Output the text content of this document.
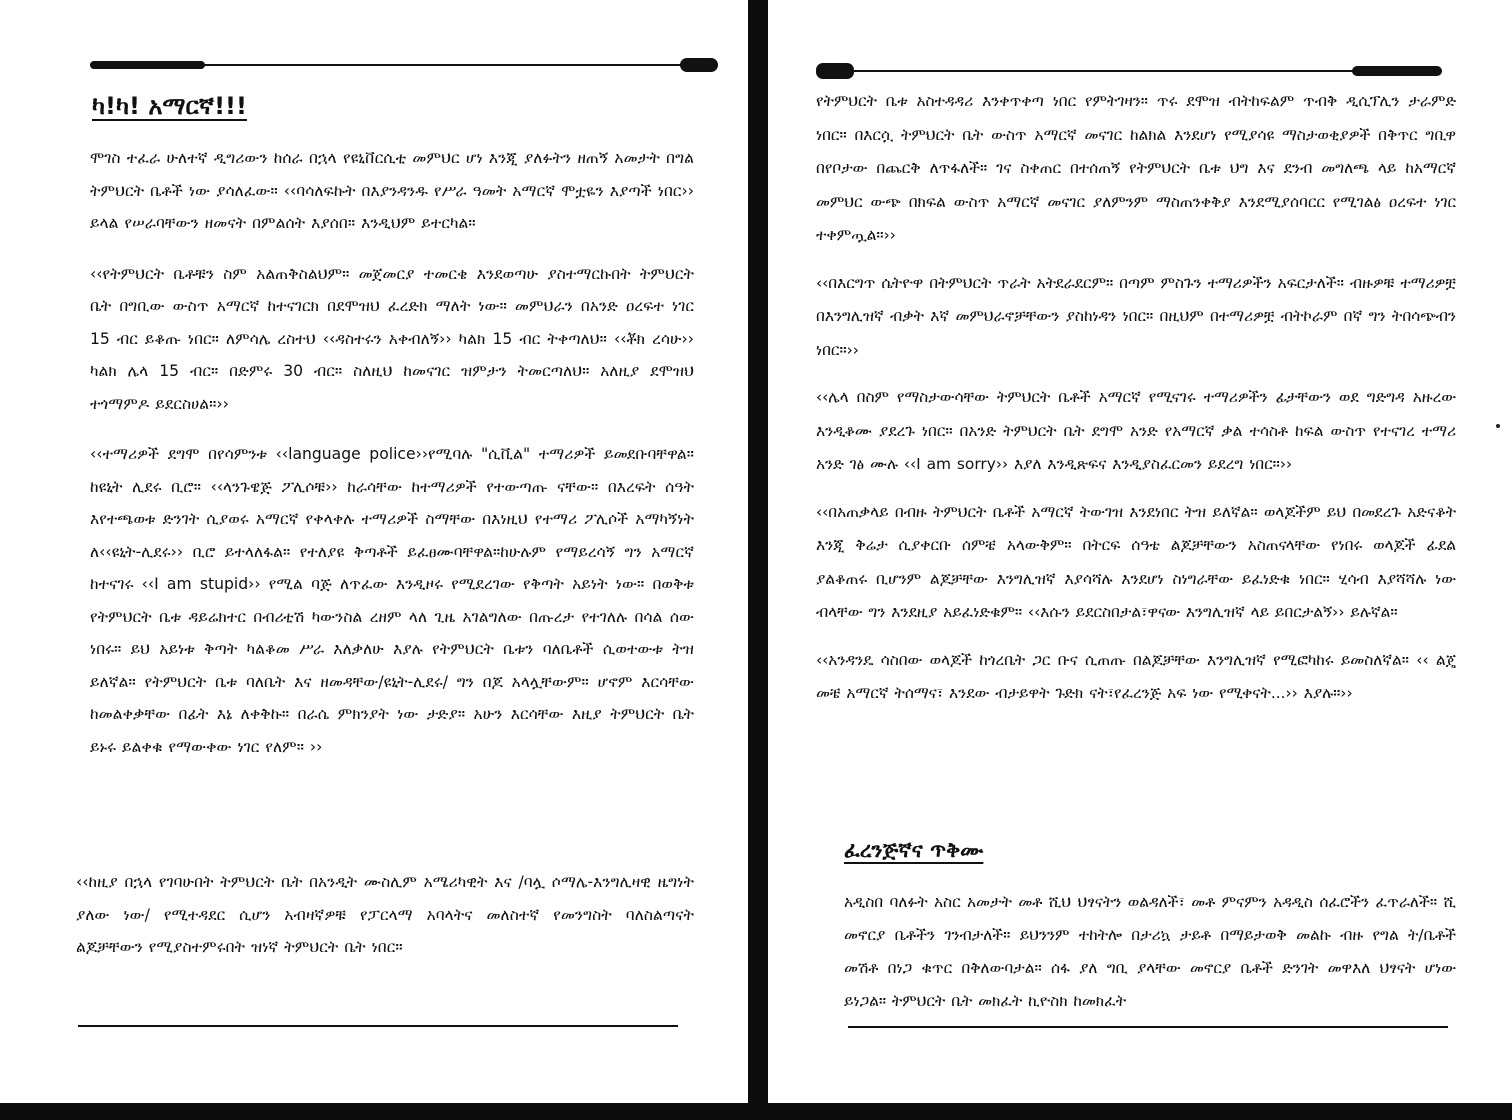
ካ!ካ! አማርኛ!!!

ሞገስ ተፈራ ሁለተኛ ዲግሪውን ከሰራ በኋላ የዩኒቨርሲቲ መምህር ሆነ እንጂ ያለፉትን ዘጠኝ አመታት በግል ትምህርት ቤቶች ነው ያሳለፈው። ‹‹ባሳለፍኩት በእያንዳንዱ የሥራ ዓመት አማርኛ ሞቷዬን እያጣች ነበር›› ይላል የሠራባቸውን ዘመናት በምልሰት እያሰበ። እንዲህም ይተርካል።

‹‹የትምህርት ቤቶቹን ስም አልጠቅስልህም። መጀመርያ ተመርቄ እንደወጣሁ ያስተማርኩበት ትምህርት ቤት በግቢው ውስጥ አማርኛ ከተናገርክ በደሞዝህ ፈረድክ ማለት ነው። መምህራን በአንድ ዐረፍተ ነገር 15 ብር ይቆጡ ነበር። ለምሳሌ ረስተህ ‹‹ዳስተሩን አቀብለኝ›› ካልክ 15 ብር ትቀጣለህ። ‹‹ቾክ ረሳሁ›› ካልክ ሌላ 15 ብር። በድምሩ 30 ብር። ስለዚህ ከመናገር ዝምታን ትመርጣለህ። አለዚያ ደሞዝህ ተጎማምዶ ይደርስሀል።››

‹‹ተማሪዎች ደግሞ በየሳምንቱ ‹‹language police››የሚባሉ "ሲቪል" ተማሪዎች ይመደቡባቸዋል። ከዩኒት ሊደሩ ቢሮ። ‹‹ላንጉዌጅ ፖሊሶቹ›› ከራሳቸው ከተማሪዎች የተውጣጡ ናቸው። በእረፍት ሰዓት እየተጫወቱ ድንገት ሲያወሩ አማርኛ የቀላቀሉ ተማሪዎች ስማቸው በእነዚህ የተማሪ ፖሊሶች አማካኝነት ለ‹‹ዩኒት-ሊደሩ›› ቢሮ ይተላለፋል። የተለያዩ ቅጣቶች ይፈፀሙባቸዋል።ከሁሉም የማይረሳኝ ግን አማርኛ ከተናገሩ ‹‹I am stupid›› የሚል ባጅ ለጥፈው እንዲዞሩ የሚደረገው የቅጣት አይነት ነው። በወቅቱ የትምህርት ቤቱ ዳይሬክተር በብሪቲሽ ካውንስል ረዘም ላለ ጊዜ አገልግለው በጡረታ የተገለሉ በሳል ሰው ነበሩ። ይህ አይነቱ ቅጣት ካልቆመ ሥራ እለቃለሁ እያሉ የትምህርት ቤቱን ባለቤቶች ሲወተውቱ ትዝ ይለኛል። የትምህርት ቤቱ ባለቤት እና ዘመዳቸው/ዩኒት-ሊደሩ/ ግን በጆ አላሏቸውም። ሆኖም እርሳቸው ከመልቀቃቸው በፊት እኔ ለቀቅኩ። በራሴ ምክንያት ነው ታድያ። አሁን እርሳቸው እዚያ ትምህርት ቤት ይኑሩ ይልቀቁ የማውቀው ነገር የለም። ››

‹‹ከዚያ በኋላ የገባሁበት ትምህርት ቤት በአንዲት ሙስሊም አሜሪካዊት እና /ባሏ ሶማሌ-እንግሊዛዊ ዜግነት ያለው ነው/ የሚተዳደር ሲሆን አብዛኛዎቹ የፓርላማ አባላትና መለስተኛ የመንግስት ባለስልጣናት ልጆቻቸውን የሚያስተምሩበት ዝነኛ ትምህርት ቤት ነበር።

የትምህርት ቤቱ አስተዳዳሪ እንቀጥቀጣ ነበር የምትገዛን። ጥሩ ደሞዝ ብትከፍልም ጥብቅ ዲሲፕሊን ታራምድ ነበር። በእርሷ ትምህርት ቤት ውስጥ አማርኛ መናገር ከልክል እንደሆነ የሚያሳዩ ማስታወቂያዎች በቅጥር ግቢዋ በየቦታው በጨርቅ ለጥፋለች። ገና ስቀጠር በተሰጠኝ የትምህርት ቤቱ ህግ እና ደንብ መግለጫ ላይ ከአማርኛ መምህር ውጭ በክፍል ውስጥ አማርኛ መናገር ያለምንም ማስጠንቀቅያ እንደሚያሰባርር የሚገልፅ ዐረፍተ ነገር ተቀምጧል።››

‹‹በእርግጥ ሴትዮዋ በትምህርት ጥራት አትደራደርም። በጣም ምስጉን ተማሪዎችን አፍርታለች። ብዙዎቹ ተማሪዎቿ በእንግሊዝኛ ብቃት እኛ መምህራኖቻቸውን ያስከነዳን ነበር። በዚህም በተማሪዎቿ ብትኮራም በኛ ግን ትበሳጭብን ነበር።››

‹‹ሌላ በስም የማስታውሳቸው ትምህርት ቤቶች አማርኛ የሚናገሩ ተማሪዎችን ፊታቸውን ወደ ግድግዳ አዙረው እንዲቆሙ ያደረጉ ነበር። በአንድ ትምህርት ቤት ደግሞ አንድ የአማርኛ ቃል ተሳስቶ ከፍል ውስጥ የተናገረ ተማሪ አንድ ገፅ ሙሉ ‹‹I am sorry›› እያለ እንዲጽፍና እንዲያስፈርመን ይደረግ ነበር።››

‹‹በአጠቃላይ በብዙ ትምህርት ቤቶች አማርኛ ትውገዝ እንደነበር ትዝ ይለኛል። ወላጆችም ይህ በመደረጉ አድናቆት እንጂ ቅሬታ ሲያቀርቡ ሰምቼ አላውቅም። በትርፍ ሰዓቴ ልጆቻቸውን አስጠናላቸው የነበሩ ወላጆች ፊደል ያልቆጠሩ ቢሆንም ልጆቻቸው እንግሊዝኛ እያሳሻሉ እንደሆነ ስነግራቸው ይፈነድቁ ነበር። ሂሳብ እያሻሻሉ ነው ብላቸው ግን እንደዚያ አይፈነድቁም። ‹‹እሱን ይደርስበታል፣ዋናው እንግሊዝኛ ላይ ይበርታልኝ›› ይሉኛል።

‹‹አንዳንዴ ሳስበው ወላጆች ከጎረቤት ጋር ቡና ሲጠጡ በልጆቻቸው እንግሊዝኛ የሚፎካከሩ ይመስለኛል። ‹‹ ልጄ መቼ አማርኛ ትሰማና፣ እንደው ብታይዋት ጉድክ ናት፣የፈረንጅ አፍ ነው የሚቀናት...›› እያሉ።››

ፈረንጅኛና ጥቅሙ

አዲስበ ባለፉት አስር አመታት መቶ ሺህ ህፃናትን ወልዳለች፣ መቶ ምናምን አዳዲስ ሰፈሮችን ፈጥራለች። ሺ መኖርያ ቤቶችን ገንብታለች። ይህንንም ተከትሎ በታሪኳ ታይቶ በማይታወቅ መልኩ ብዙ የግል ት/ቤቶች መሽቶ በነጋ ቁጥር በቅለውባታል። ሰፋ ያለ ግቢ ያላቸው መኖርያ ቤቶች ድንገት መዋእለ ህፃናት ሆነው ይነጋል። ትምህርት ቤት መክፈት ኪዮስክ ከመክፈት
